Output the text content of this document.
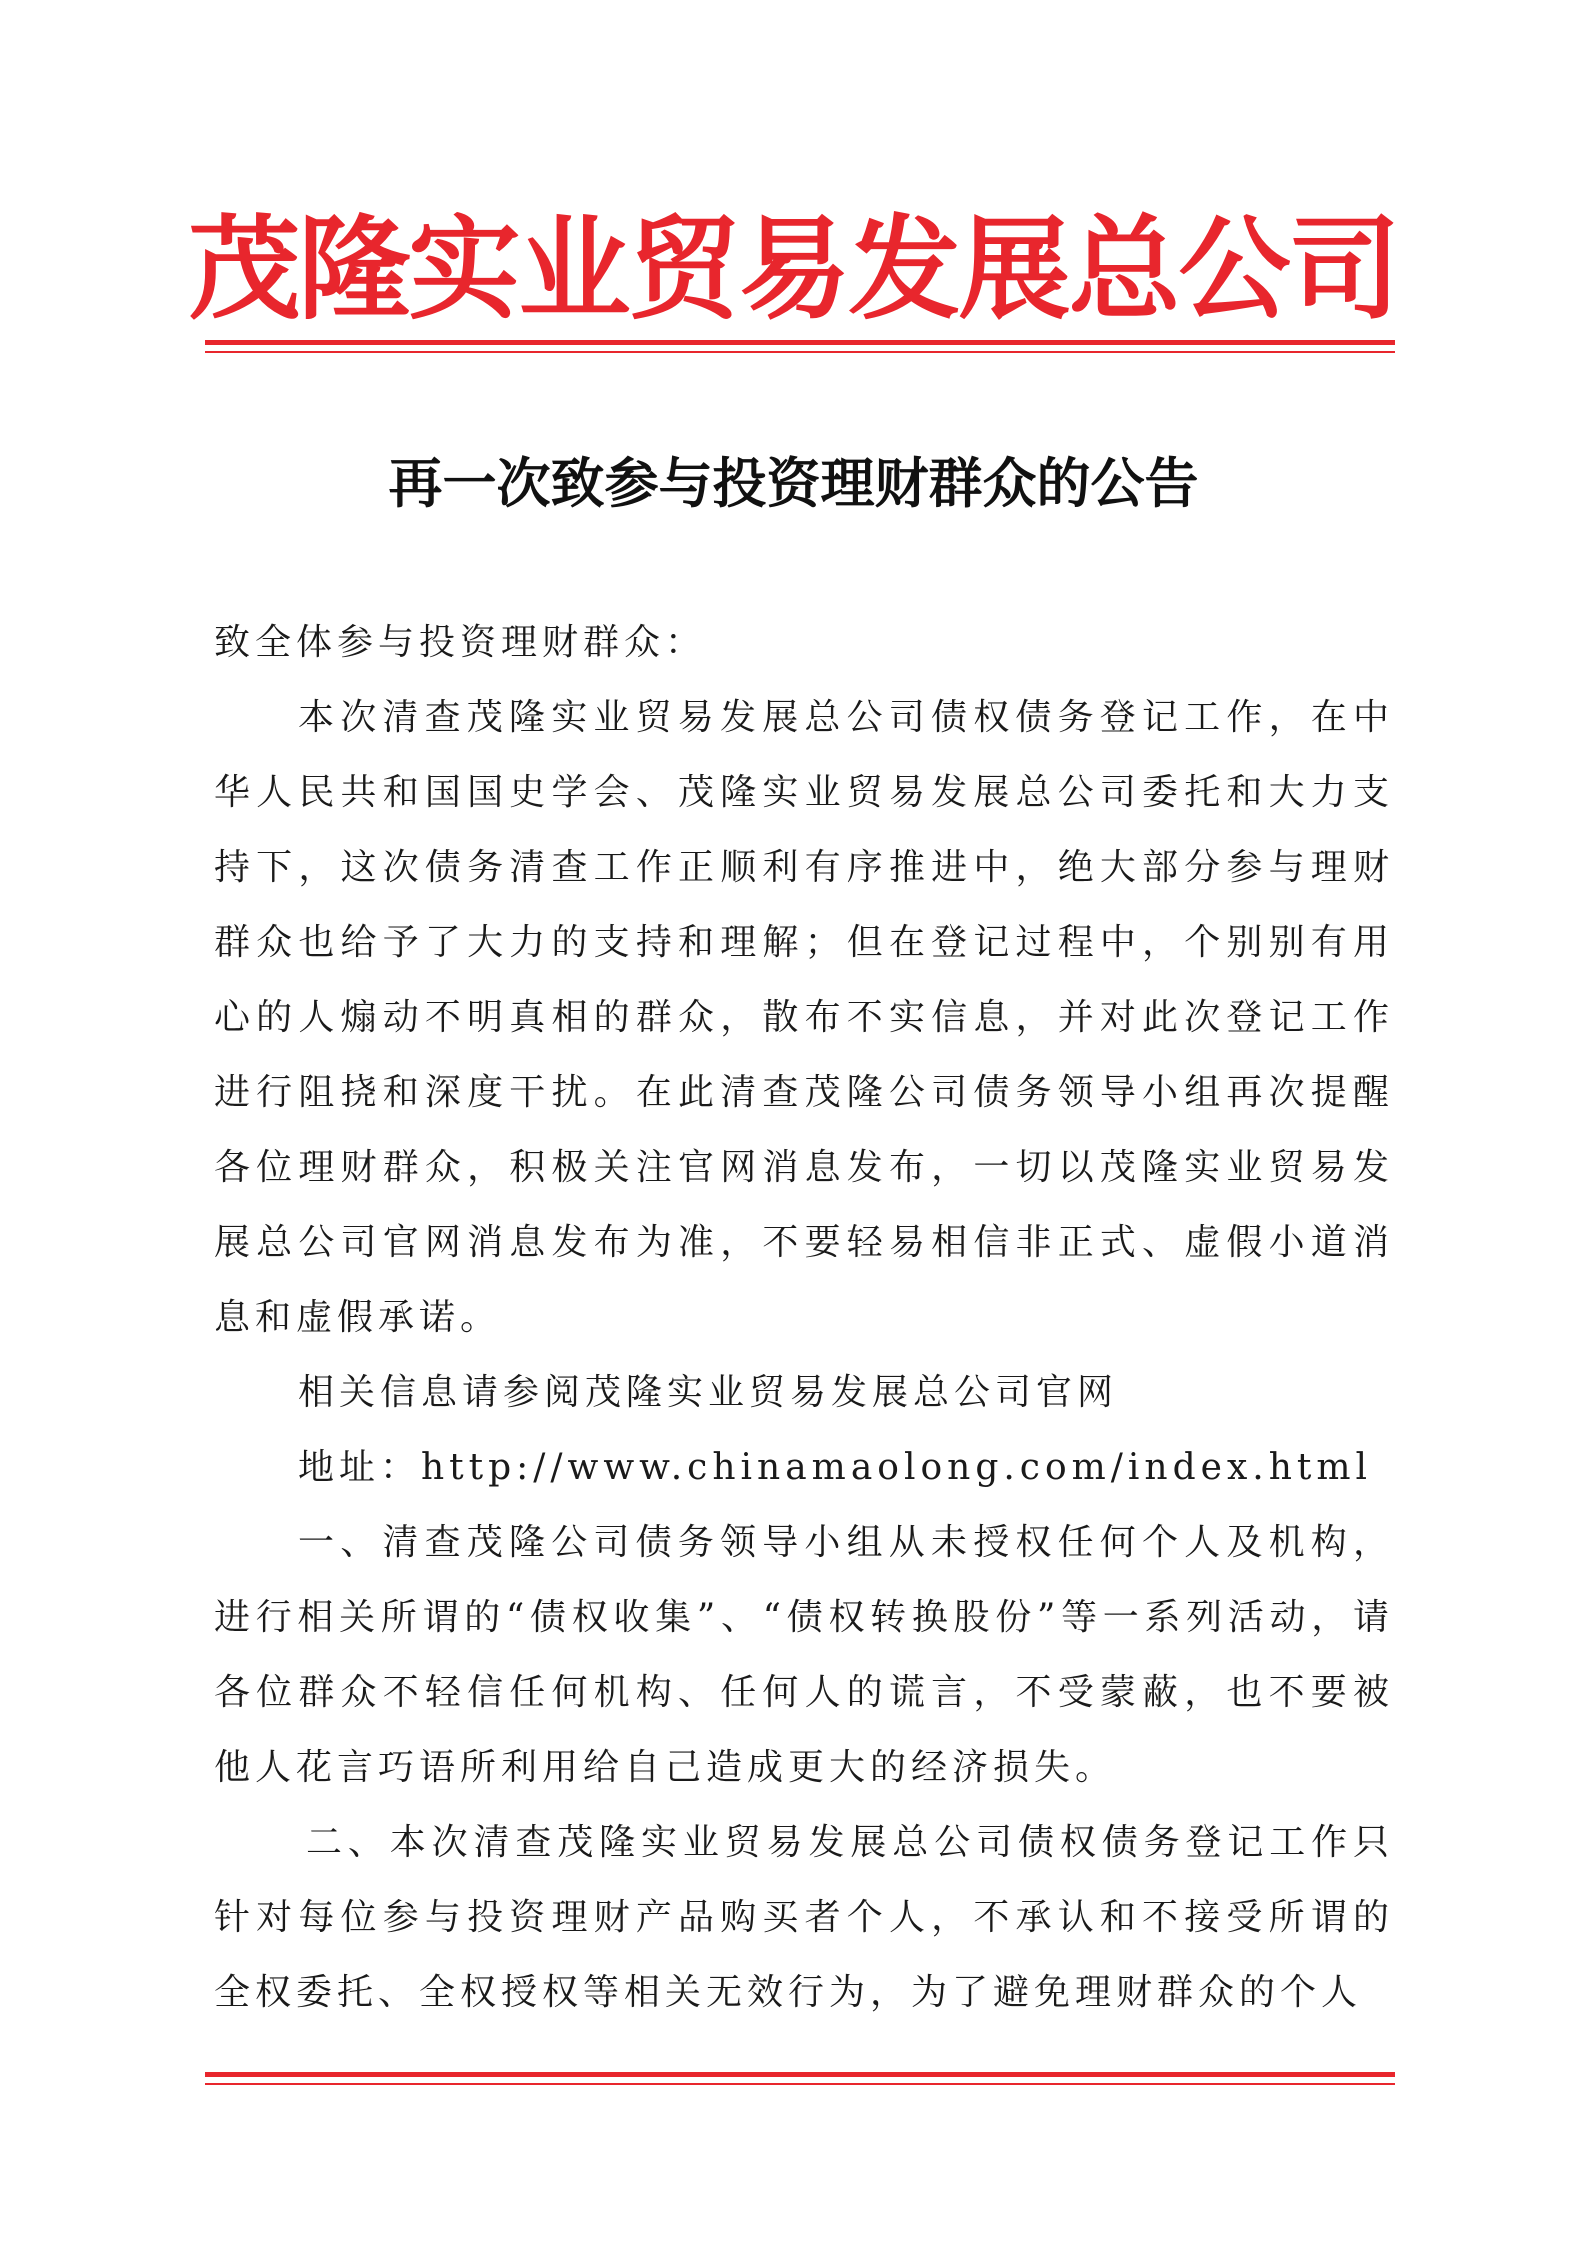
茂隆实业贸易发展总公司
再一次致参与投资理财群众的公告

致全体参与投资理财群众：

本次清查茂隆实业贸易发展总公司债权债务登记工作，在中华人民共和国国史学会、茂隆实业贸易发展总公司委托和大力支持下，这次债务清查工作正顺利有序推进中，绝大部分参与理财群众也给予了大力的支持和理解；但在登记过程中，个别别有用心的人煽动不明真相的群众，散布不实信息，并对此次登记工作进行阻挠和深度干扰。在此清查茂隆公司债务领导小组再次提醒各位理财群众，积极关注官网消息发布，一切以茂隆实业贸易发展总公司官网消息发布为准，不要轻易相信非正式、虚假小道消息和虚假承诺。

相关信息请参阅茂隆实业贸易发展总公司官网

地址：http://www.chinamaolong.com/index.html

一、清查茂隆公司债务领导小组从未授权任何个人及机构，进行相关所谓的“债权收集”、“债权转换股份”等一系列活动，请各位群众不轻信任何机构、任何人的谎言，不受蒙蔽，也不要被他人花言巧语所利用给自己造成更大的经济损失。

二、本次清查茂隆实业贸易发展总公司债权债务登记工作只针对每位参与投资理财产品购买者个人，不承认和不接受所谓的全权委托、全权授权等相关无效行为，为了避免理财群众的个人
